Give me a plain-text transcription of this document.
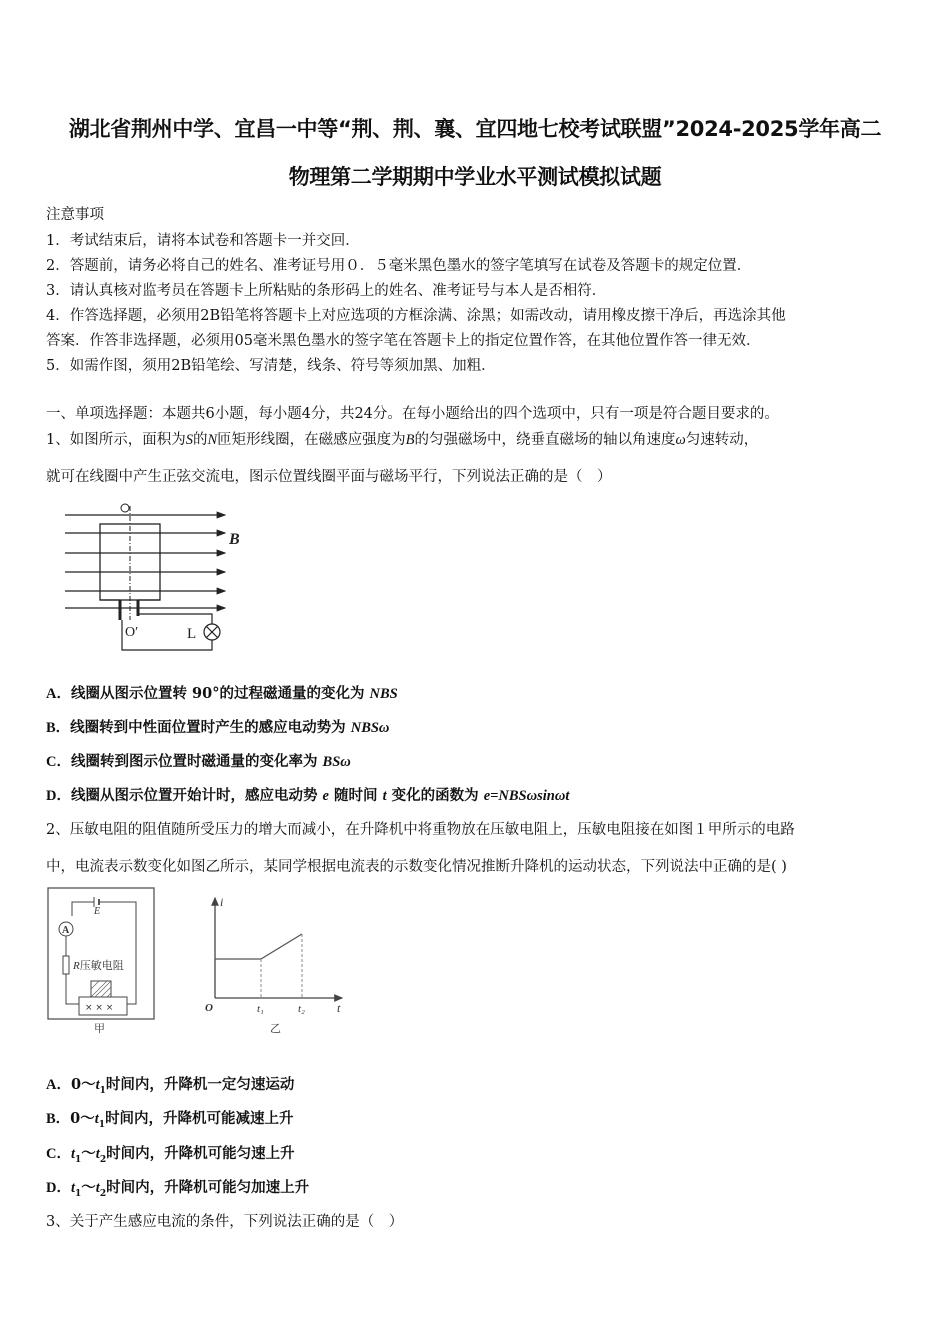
湖北省荆州中学、宜昌一中等“荆、荆、襄、宜四地七校考试联盟”2024-2025学年高二
物理第二学期期中学业水平测试模拟试题
注意事项
1．考试结束后，请将本试卷和答题卡一并交回．
2．答题前，请务必将自己的姓名、准考证号用０．５毫米黑色墨水的签字笔填写在试卷及答题卡的规定位置．
3．请认真核对监考员在答题卡上所粘贴的条形码上的姓名、准考证号与本人是否相符．
4．作答选择题，必须用2B铅笔将答题卡上对应选项的方框涂满、涂黑；如需改动，请用橡皮擦干净后，再选涂其他
答案．作答非选择题，必须用05毫米黑色墨水的签字笔在答题卡上的指定位置作答，在其他位置作答一律无效．
5．如需作图，须用2B铅笔绘、写清楚，线条、符号等须加黑、加粗．
一、单项选择题：本题共6小题，每小题4分，共24分。在每小题给出的四个选项中，只有一项是符合题目要求的。
1、如图所示，面积为S的N匝矩形线圈，在磁感应强度为B的匀强磁场中，绕垂直磁场的轴以角速度ω匀速转动，
就可在线圈中产生正弦交流电，图示位置线圈平面与磁场平行，下列说法正确的是（　）
O′	L
B
A．线圈从图示位置转 90°的过程磁通量的变化为 NBS
B．线圈转到中性面位置时产生的感应电动势为 NBSω
C．线圈转到图示位置时磁通量的变化率为 BSω
D．线圈从图示位置开始计时，感应电动势 e 随时间 t 变化的函数为 e=NBSωsinωt
2、压敏电阻的阻值随所受压力的增大而减小，在升降机中将重物放在压敏电阻上，压敏电阻接在如图１甲所示的电路
中，电流表示数变化如图乙所示，某同学根据电流表的示数变化情况推断升降机的运动状态，下列说法中正确的是( )
E
A
R压敏电阻
× × ×
甲
i
O	t₁	t₂	t
乙
A．$0\sim t_1$时间内，升降机一定匀速运动
B．$0\sim t_1$时间内，升降机可能减速上升
C．$t_1\sim t_2$时间内，升降机可能匀速上升
D．$t_1\sim t_2$时间内，升降机可能匀加速上升
3、关于产生感应电流的条件，下列说法正确的是（　）
